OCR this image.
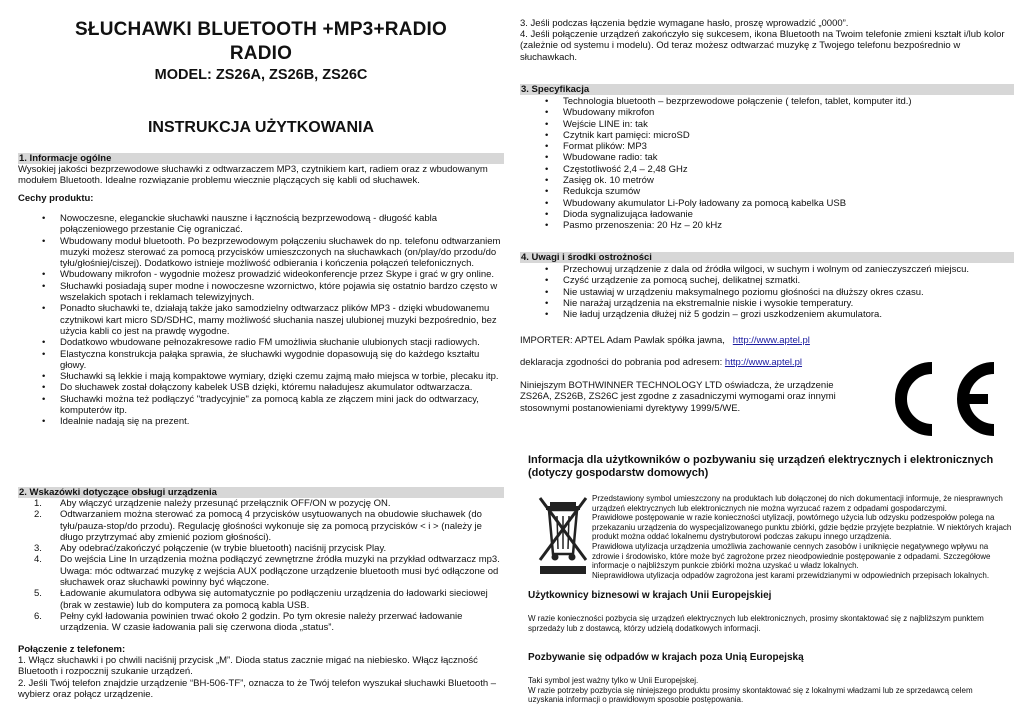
SŁUCHAWKI BLUETOOTH +MP3+RADIO
RADIO
MODEL: ZS26A, ZS26B, ZS26C
INSTRUKCJA UŻYTKOWANIA
1. Informacje ogólne
Wysokiej jakości bezprzewodowe słuchawki z odtwarzaczem MP3, czytnikiem kart, radiem oraz z wbudowanym modułem Bluetooth. Idealne rozwiązanie problemu wiecznie plączących się kabli od słuchawek.
Cechy produktu:
• Nowoczesne, eleganckie słuchawki nauszne i łącznością bezprzewodową - długość kabla połączeniowego przestanie Cię ograniczać.
• Wbudowany moduł bluetooth. Po bezprzewodowym połączeniu słuchawek do np. telefonu odtwarzaniem muzyki możesz sterować za pomocą przycisków umieszczonych na słuchawkach (on/play/do przodu/do tyłu/głośniej/ciszej). Dodatkowo istnieje możliwość odbierania i kończenia połączeń telefonicznych.
• Wbudowany mikrofon - wygodnie możesz prowadzić wideokonferencje przez Skype i grać w gry online.
• Słuchawki posiadają super modne i nowoczesne wzornictwo, które pojawia się ostatnio bardzo często w wszelakich spotach i reklamach telewizyjnych.
• Ponadto słuchawki te, działają także jako samodzielny odtwarzacz plików MP3 - dzięki wbudowanemu czytnikowi kart micro SD/SDHC, mamy możliwość słuchania naszej ulubionej muzyki bezpośrednio, bez użycia kabli co jest na prawdę wygodne.
• Dodatkowo wbudowane pełnozakresowe radio FM umożliwia słuchanie ulubionych stacji radiowych.
• Elastyczna konstrukcja pałąka sprawia, że słuchawki wygodnie dopasowują się do każdego kształtu głowy.
• Słuchawki są lekkie i mają kompaktowe wymiary, dzięki czemu zajmą mało miejsca w torbie, plecaku itp.
• Do słuchawek został dołączony kabelek USB dzięki, któremu naładujesz akumulator odtwarzacza.
• Słuchawki można też podłączyć "tradycyjnie" za pomocą kabla ze złączem mini jack do odtwarzacy, komputerów itp.
• Idealnie nadają się na prezent.
2. Wskazówki dotyczące obsługi urządzenia
1. Aby włączyć urządzenie należy przesunąć przełącznik OFF/ON w pozycję ON.
2. Odtwarzaniem można sterować za pomocą 4 przycisków usytuowanych na obudowie słuchawek (do tyłu/pauza-stop/do przodu). Regulację głośności wykonuje się za pomocą przycisków < i > (należy je długo przytrzymać aby zmienić poziom głośności).
3. Aby odebrać/zakończyć połączenie (w trybie bluetooth) naciśnij przycisk Play.
4. Do wejścia Line In urządzenia można podłączyć zewnętrzne źródła muzyki na przykład odtwarzacz mp3. Uwaga: móc odtwarzać muzykę z wejścia AUX podłączone urządzenie bluetooth musi być odłączone od słuchawek oraz słuchawki powinny być włączone.
5. Ładowanie akumulatora odbywa się automatycznie po podłączeniu urządzenia do ładowarki sieciowej (brak w zestawie) lub do komputera za pomocą kabla USB.
6. Pełny cykl ładowania powinien trwać około 2 godzin. Po tym okresie należy przerwać ładowanie urządzenia. W czasie ładowania pali się czerwona dioda „status”.
Połączenie z telefonem:
1. Włącz słuchawki i po chwili naciśnij przycisk „M”. Dioda status zacznie migać na niebiesko. Włącz łączność Bluetooth i rozpocznij szukanie urządzeń.
2. Jeśli Twój telefon znajdzie urządzenie “BH-506-TF”, oznacza to że Twój telefon wyszukał słuchawki Bluetooth – wybierz oraz połącz urządzenie.
3. Jeśli podczas łączenia będzie wymagane hasło, proszę wprowadzić „0000”.
4. Jeśli połączenie urządzeń zakończyło się sukcesem, ikona Bluetooth na Twoim telefonie zmieni kształt i/lub kolor (zależnie od systemu i modelu). Od teraz możesz odtwarzać muzykę z Twojego telefonu bezpośrednio w słuchawkach.
3. Specyfikacja
• Technologia bluetooth – bezprzewodowe połączenie ( telefon, tablet, komputer itd.)
• Wbudowany mikrofon
• Wejście LINE in: tak
• Czytnik kart pamięci: microSD
• Format plików: MP3
• Wbudowane radio: tak
• Częstotliwość 2,4 – 2,48 GHz
• Zasięg ok. 10 metrów
• Redukcja szumów
• Wbudowany akumulator Li-Poly ładowany za pomocą kabelka USB
• Dioda sygnalizująca ładowanie
• Pasmo przenoszenia: 20 Hz – 20 kHz
4. Uwagi i środki ostrożności
• Przechowuj urządzenie z dala od źródła wilgoci, w suchym i wolnym od zanieczyszczeń miejscu.
• Czyść urządzenie za pomocą suchej, delikatnej szmatki.
• Nie ustawiaj w urządzeniu maksymalnego poziomu głośności na dłuższy okres czasu.
• Nie narażaj urządzenia na ekstremalnie niskie i wysokie temperatury.
• Nie ładuj urządzenia dłużej niż 5 godzin – grozi uszkodzeniem akumulatora.
IMPORTER: APTEL Adam Pawlak spółka jawna, http://www.aptel.pl
deklaracja zgodności do pobrania pod adresem: http://www.aptel.pl
Niniejszym BOTHWINNER TECHNOLOGY LTD oświadcza, że urządzenie ZS26A, ZS26B, ZS26C jest zgodne z zasadniczymi wymogami oraz innymi stosownymi postanowieniami dyrektywy 1999/5/WE.
Informacja dla użytkowników o pozbywaniu się urządzeń elektrycznych i elektronicznych (dotyczy gospodarstw domowych)
Przedstawiony symbol umieszczony na produktach lub dołączonej do nich dokumentacji informuje, że niesprawnych urządzeń elektrycznych lub elektronicznych nie można wyrzucać razem z odpadami gospodarczymi.
Prawidłowe postępowanie w razie konieczności utylizacji, powtórnego użycia lub odzysku podzespołów polega na przekazaniu urządzenia do wyspecjalizowanego punktu zbiórki, gdzie będzie przyjęte bezpłatnie. W niektórych krajach produkt można oddać lokalnemu dystrybutorowi podczas zakupu innego urządzenia.
Prawidłowa utylizacja urządzenia umożliwia zachowanie cennych zasobów i uniknięcie negatywnego wpływu na zdrowie i środowisko, które może być zagrożone przez nieodpowiednie postępowanie z odpadami. Szczegółowe informacje o najbliższym punkcie zbiórki można uzyskać u władz lokalnych.
Nieprawidłowa utylizacja odpadów zagrożona jest karami przewidzianymi w odpowiednich przepisach lokalnych.
Użytkownicy biznesowi w krajach Unii Europejskiej
W razie konieczności pozbycia się urządzeń elektrycznych lub elektronicznych, prosimy skontaktować się z najbliższym punktem sprzedaży lub z dostawcą, którzy udzielą dodatkowych informacji.
Pozbywanie się odpadów w krajach poza Unią Europejską
Taki symbol jest ważny tylko w Unii Europejskej.
W razie potrzeby pozbycia się niniejszego produktu prosimy skontaktować się z lokalnymi władzami lub ze sprzedawcą celem uzyskania informacji o prawidłowym sposobie postępowania.
